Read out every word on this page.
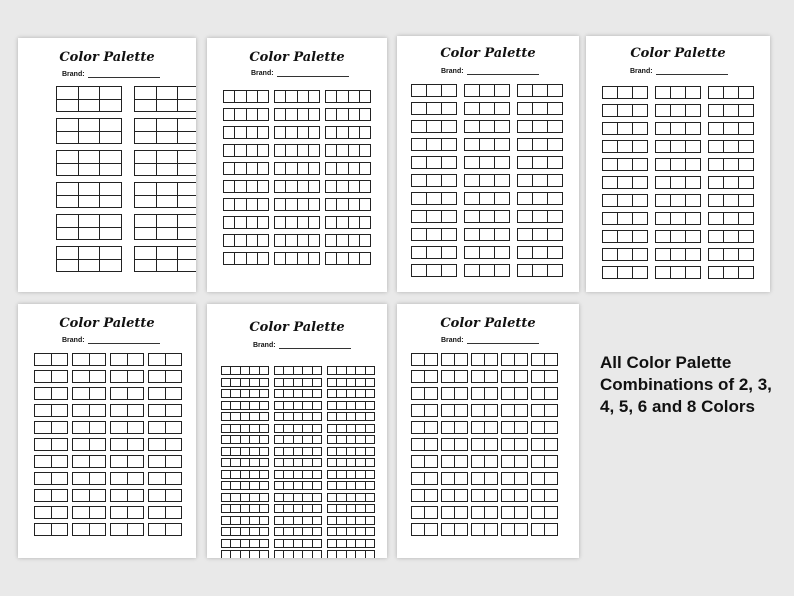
Color Palette
Brand:
Color Palette
Brand:
Color Palette
Brand:
Color Palette
Brand:
Color Palette
Brand:
Color Palette
Brand:
Color Palette
Brand:
All Color Palette Combinations of 2, 3, 4, 5, 6 and 8 Colors
